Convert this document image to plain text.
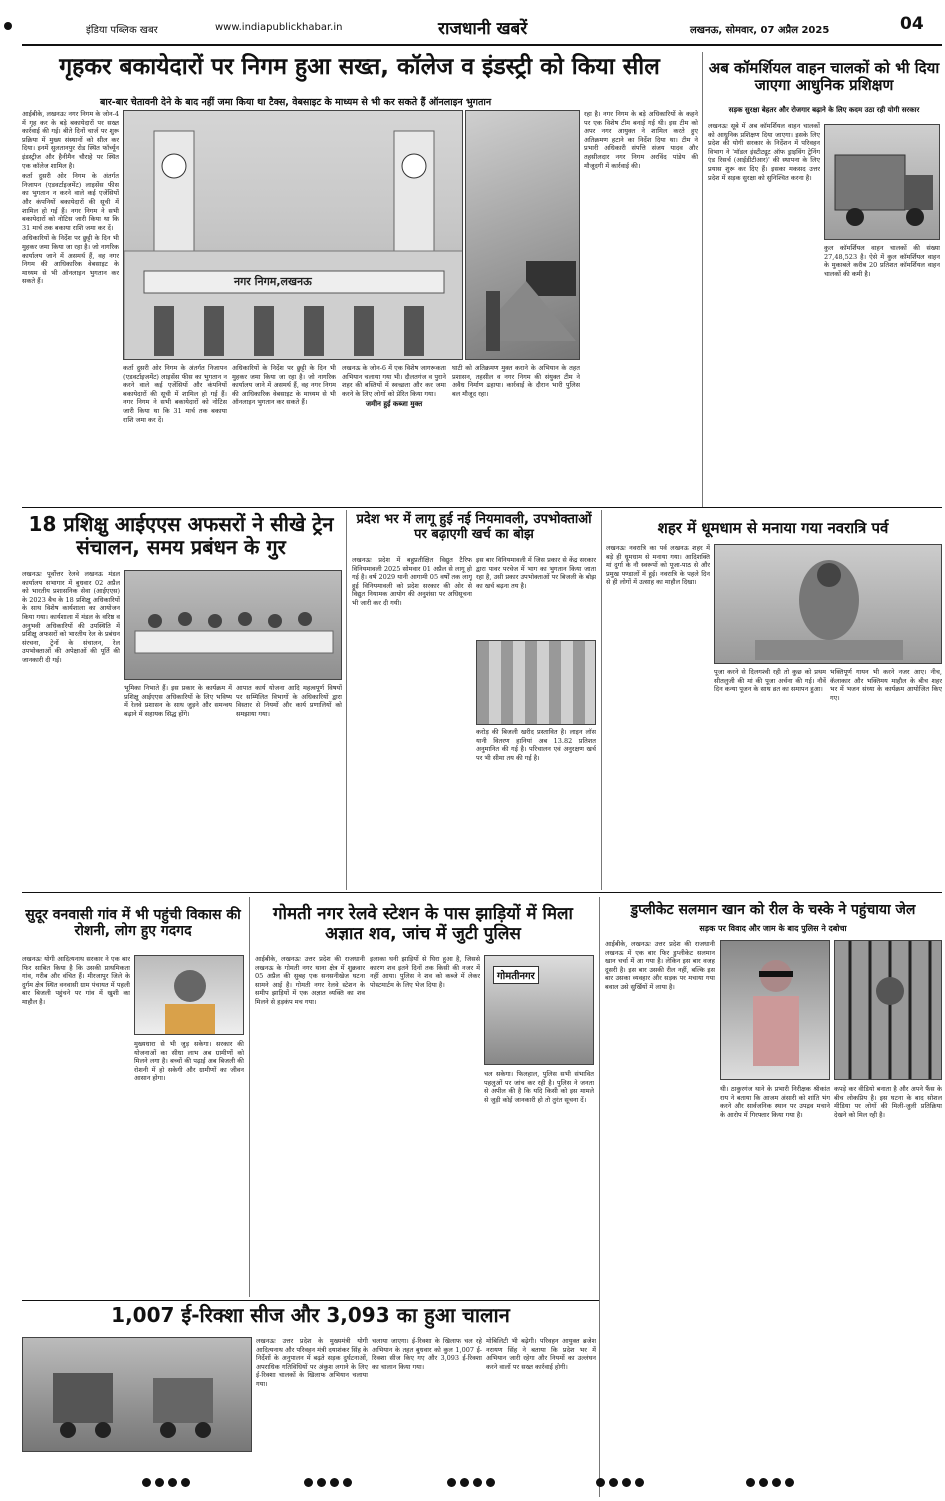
इंडिया पब्लिक खबर	www.indiapublickhabar.in	राजधानी खबरें	लखनऊ, सोमवार, 07 अप्रैल 2025	04
गृहकर बकायेदारों पर निगम हुआ सख्त, कॉलेज व इंडस्ट्री को किया सील
बार-बार चेतावनी देने के बाद नहीं जमा किया था टैक्स, वेबसाइट के माध्यम से भी कर सकते हैं ऑनलाइन भुगतान

आईबीके, लखनऊः नगर निगम के जोन-4 में गृह कर के बड़े बकायेदारों पर सख्त कार्रवाई की गई। बीते दिनों चार्ज पर शुरू प्रक्रिया में मुख्य संस्थानों को सील कर दिया। इनमें सुलतानपुर रोड स्थित फॉर्च्यून इंडस्ट्रीज और हैनीमैन चौराहे पर स्थित एक कॉलेज शामिल है।

कर्ता दुसरी ओर निगम के अंतर्गत निजापन (एडवर्टाइजमेंट) लाइसेंस फीस का भुगतान न करने वाले कई एजेंसियों और कंपनियों बकायेदारों की सूची में शामिल हो गई हैं। नगर निगम ने सभी बकायेदारों को नोटिस जारी किया था कि 31 मार्च तक बकाया राशि जमा कर दें।

अधिकारियों के निर्देश पर छुट्टी के दिन भी मुहकर जमा किया जा रहा है। जो नागरिक कार्यालय जाने में असमर्थ हैं, वह नगर निगम की आधिकारिक वेबसाइट के माध्यम से भी ऑनलाइन भुगतान कर सकते हैं।	नगर निगम,लखनऊ
कर्ता दुसरी ओर निगम के अंतर्गत निजापन (एडवर्टाइजमेंट) लाइसेंस फीस का भुगतान न करने वाले कई एजेंसियों और कंपनियों बकायेदारों की सूची में शामिल हो गई हैं। नगर निगम ने सभी बकायेदारों को नोटिस जारी किया था कि 31 मार्च तक बकाया राशि जमा कर दें।
अधिकारियों के निर्देश पर छुट्टी के दिन भी मुहकर जमा किया जा रहा है। जो नागरिक कार्यालय जाने में असमर्थ हैं, वह नगर निगम की आधिकारिक वेबसाइट के माध्यम से भी ऑनलाइन भुगतान कर सकते हैं।

लखनऊ के जोन-6 में एक विशेष जागरूकता अभियान चलाया गया भी। दौलतगंज व पुराने शहर की बस्तियों में स्वच्छता और कर जमा करने के लिए लोगों को प्रेरित किया गया।

जमीन हुई कब्जा मुक्त

घाटी को अतिक्रमण मुक्त कराने के अभियान के तहत प्रशासन, तहसील व नगर निगम की संयुक्त टीम ने अवैध निर्माण ढहाया। कार्रवाई के दौरान भारी पुलिस बल मौजूद रहा।
रहा है। नगर निगम के बड़े अधिकारियों के कहने पर एक विशेष टीम बनाई गई थी। इस टीम को अपर नगर आयुक्त ने शामिल करते हुए अतिक्रमण हटाने का निर्देश दिया था। टीम ने प्रभारी अधिकारी संपत्ति संजय यादव और तहसीलदार नगर निगम अरविंद पांडेय की मौजूदगी में कार्रवाई की।
अब कॉमर्शियल वाहन चालकों को भी दिया जाएगा आधुनिक प्रशिक्षण
सड़क सुरक्षा बेहतर और रोजगार बढ़ाने के लिए कदम उठा रही योगी सरकार
लखनऊः सूबे में अब कॉमर्शियल वाहन चालकों को आधुनिक प्रशिक्षण दिया जाएगा। इसके लिए प्रदेश की योगी सरकार के निर्देशन में परिवहन विभाग ने 'मॉडल इंस्टीट्यूट ऑफ ड्राइविंग ट्रेनिंग एंड रिसर्च (आईडीटीआर)' की स्थापना के लिए प्रयास शुरू कर दिए हैं। इसका मकसद उत्तर प्रदेश में सड़क सुरक्षा को सुनिश्चित करना है।
कुल कॉमर्शियल वाहन चालकों की संख्या 27,48,523 है। ऐसे में कुल कॉमर्शियल वाहन के मुकाबले करीब 20 प्रतिशत कॉमर्शियल वाहन चालकों की कमी है।
18 प्रशिक्षु आईएएस अफसरों ने सीखे ट्रेन संचालन, समय प्रबंधन के गुर
लखनऊः पूर्वोत्तर रेलवे लखनऊ मंडल कार्यालय सभागार में बुधवार 02 अप्रैल को भारतीय प्रशासनिक सेवा (आईएएस) के 2023 बैच के 18 प्रशिक्षु अधिकारियों के साथ विशेष कार्यशाला का आयोजन किया गया। कार्यशाला में मंडल के वरिष्ठ व अनुभवी अधिकारियों की उपस्थिति में प्रशिक्षु अफसरों को भारतीय रेल के प्रबंधन संरचना, ट्रेनों के संचालन, रेल उपभोक्ताओं की अपेक्षाओं की पूर्ति की जानकारी दी गई।
भूमिका निभाते हैं। इस प्रकार के कार्यक्रम में प्रशिक्षु आईएएस अधिकारियों के लिए भविष्य में रेलवे प्रशासन के साथ जुड़ने और समन्वय बढ़ाने में सहायक सिद्ध होंगे।
आपात कार्य योजना आदि महत्वपूर्ण विषयों पर सम्मिलित विभागों के अधिकारियों द्वारा विस्तार से नियमों और कार्य प्रणालियों को समझाया गया।
प्रदेश भर में लागू हुई नई नियमावली, उपभोक्ताओं पर बढ़ाएगी खर्च का बोझ
लखनऊः प्रदेश में बहुप्रतीक्षित विद्युत टैरिफ विनियमावली 2025 सोमवार 01 अप्रैल से लागू हो गई है। वर्ष 2029 यानी आगामी 05 वर्षों तक लागू हुई विनियमावली को प्रदेश सरकार की ओर से विद्युत नियामक आयोग की अनुशंसा पर अधिसूचना भी जारी कर दी गयी।
इस बार विनियमावली में जिस प्रकार से केंद्र सरकार द्वारा पावर परचेज में भाग का भुगतान किया जाता रहा है, उसी प्रकार उपभोक्ताओं पर बिजली के बोझ का खर्च बढ़ना तय है।
करोड़ की बिजली खरीद प्रस्तावित है। लाइन लॉस यानी वितरण हानियां अब 13.82 प्रतिशत अनुमानित की गई है। परिचालन एवं अनुरक्षण खर्च पर भी सीमा तय की गई है।
शहर में धूमधाम से मनाया गया नवरात्रि पर्व
लखनऊः नवरात्रि का पर्व लखनऊ शहर में बड़े ही धूमधाम से मनाया गया। आदिशक्ति मां दुर्गा के नौ स्वरूपों को पूजा-पाठ से और प्रमुख पण्डालों में हुई। नवरात्रि के पहले दिन से ही लोगों में उत्साह का माहौल दिखा।
पूजा करने से दिलगश्वी रही तो कुछ को प्रथम सीतलुजी की मां की पूजा अर्चना की गई। नौवें दिन कन्या पूजन के साथ व्रत का समापन हुआ।
भक्तिपूर्ण गायन भी करने नजर आए। नीच, कॅलाकार और भक्तिमय माहौल के बीच शहर भर में भजन संध्या के कार्यक्रम आयोजित किए गए।
सुदूर वनवासी गांव में भी पहुंची विकास की रोशनी, लोग हुए गदगद
लखनऊः योगी आदित्यनाथ सरकार ने एक बार फिर साबित किया है कि उसकी प्राथमिकता गांव, गरीब और वंचित हैं। मीरजापुर जिले के दुर्गम क्षेत्र स्थित वनवासी ग्राम पंचायत में पहली बार बिजली पहुंचने पर गांव में खुशी का माहौल है।
मुख्यधारा से भी जुड़ सकेगा। सरकार की योजनाओं का सीधा लाभ अब ग्रामीणों को मिलने लगा है। बच्चों की पढ़ाई अब बिजली की रोशनी में हो सकेगी और ग्रामीणों का जीवन आसान होगा।
गोमती नगर रेलवे स्टेशन के पास झाड़ियों में मिला अज्ञात शव, जांच में जुटी पुलिस
आईबीके, लखनऊः उत्तर प्रदेश की राजधानी लखनऊ के गोमती नगर थाना क्षेत्र में शुक्रवार 05 अप्रैल की सुबह एक सनसनीखेज घटना सामने आई है। गोमती नगर रेलवे स्टेशन के समीप झाड़ियों में एक अज्ञात व्यक्ति का शव मिलने से हड़कंप मच गया।
इलाका घनी झाड़ियों से घिरा हुआ है, जिससे कारण शव इतने दिनों तक किसी की नजर में नहीं आया। पुलिस ने शव को कब्जे में लेकर पोस्टमार्टम के लिए भेज दिया है।
गोमतीनगर
चल सकेगा। फिलहाल, पुलिस सभी संभावित पहलुओं पर जांच कर रही है। पुलिस ने जनता से अपील की है कि यदि किसी को इस मामले से जुड़ी कोई जानकारी हो तो तुरंत सूचना दें।
डुप्लीकेट सलमान खान को रील के चस्के ने पहुंचाया जेल
सड़क पर विवाद और जाम के बाद पुलिस ने दबोचा
आईबीके, लखनऊः उत्तर प्रदेश की राजधानी लखनऊ में एक बार फिर डुप्लीकेट सलमान खान चर्चा में आ गया है। लेकिन इस बार वजह दूसरी है। इस बार उसकी रील नहीं, बल्कि इस बार उसका व्यवहार और सड़क पर मचाया गया बवाल उसे सुर्खियों में लाया है।
थी। ठाकुरगंज थाने के प्रभारी निरीक्षक श्रीकांत राय ने बताया कि आजम अंसारी को शांति भंग करने और सार्वजनिक स्थान पर उपद्रव मचाने के आरोप में गिरफ्तार किया गया है।
कपड़े कर वीडियो बनाता है और अपने फैंस के बीच लोकप्रिय है। इस घटना के बाद सोशल मीडिया पर लोगों की मिली-जुली प्रतिक्रिया देखने को मिल रही है।
1,007 ई-रिक्शा सीज और 3,093 का हुआ चालान
लखनऊः उत्तर प्रदेश के मुख्यमंत्री योगी आदित्यनाथ और परिवहन मंत्री दयाशंकर सिंह के निर्देशों के अनुपालन में बढ़ते सड़क दुर्घटनाओं, अपराधिक गतिविधियों पर अंकुश लगाने के लिए ई-रिक्शा चालकों के खिलाफ अभियान चलाया गया।
चलाया जाएगा। ई-रिक्शा के खिलाफ चल रहे अभियान के तहत बुधवार को कुल 1,007 ई-रिक्शा सीज किए गए और 3,093 ई-रिक्शा का चालान किया गया।
मोबिलिटी भी बढ़ेगी। परिवहन आयुक्त ब्रजेश नरायण सिंह ने बताया कि प्रदेश भर में अभियान जारी रहेगा और नियमों का उल्लंघन करने वालों पर सख्त कार्रवाई होगी।
